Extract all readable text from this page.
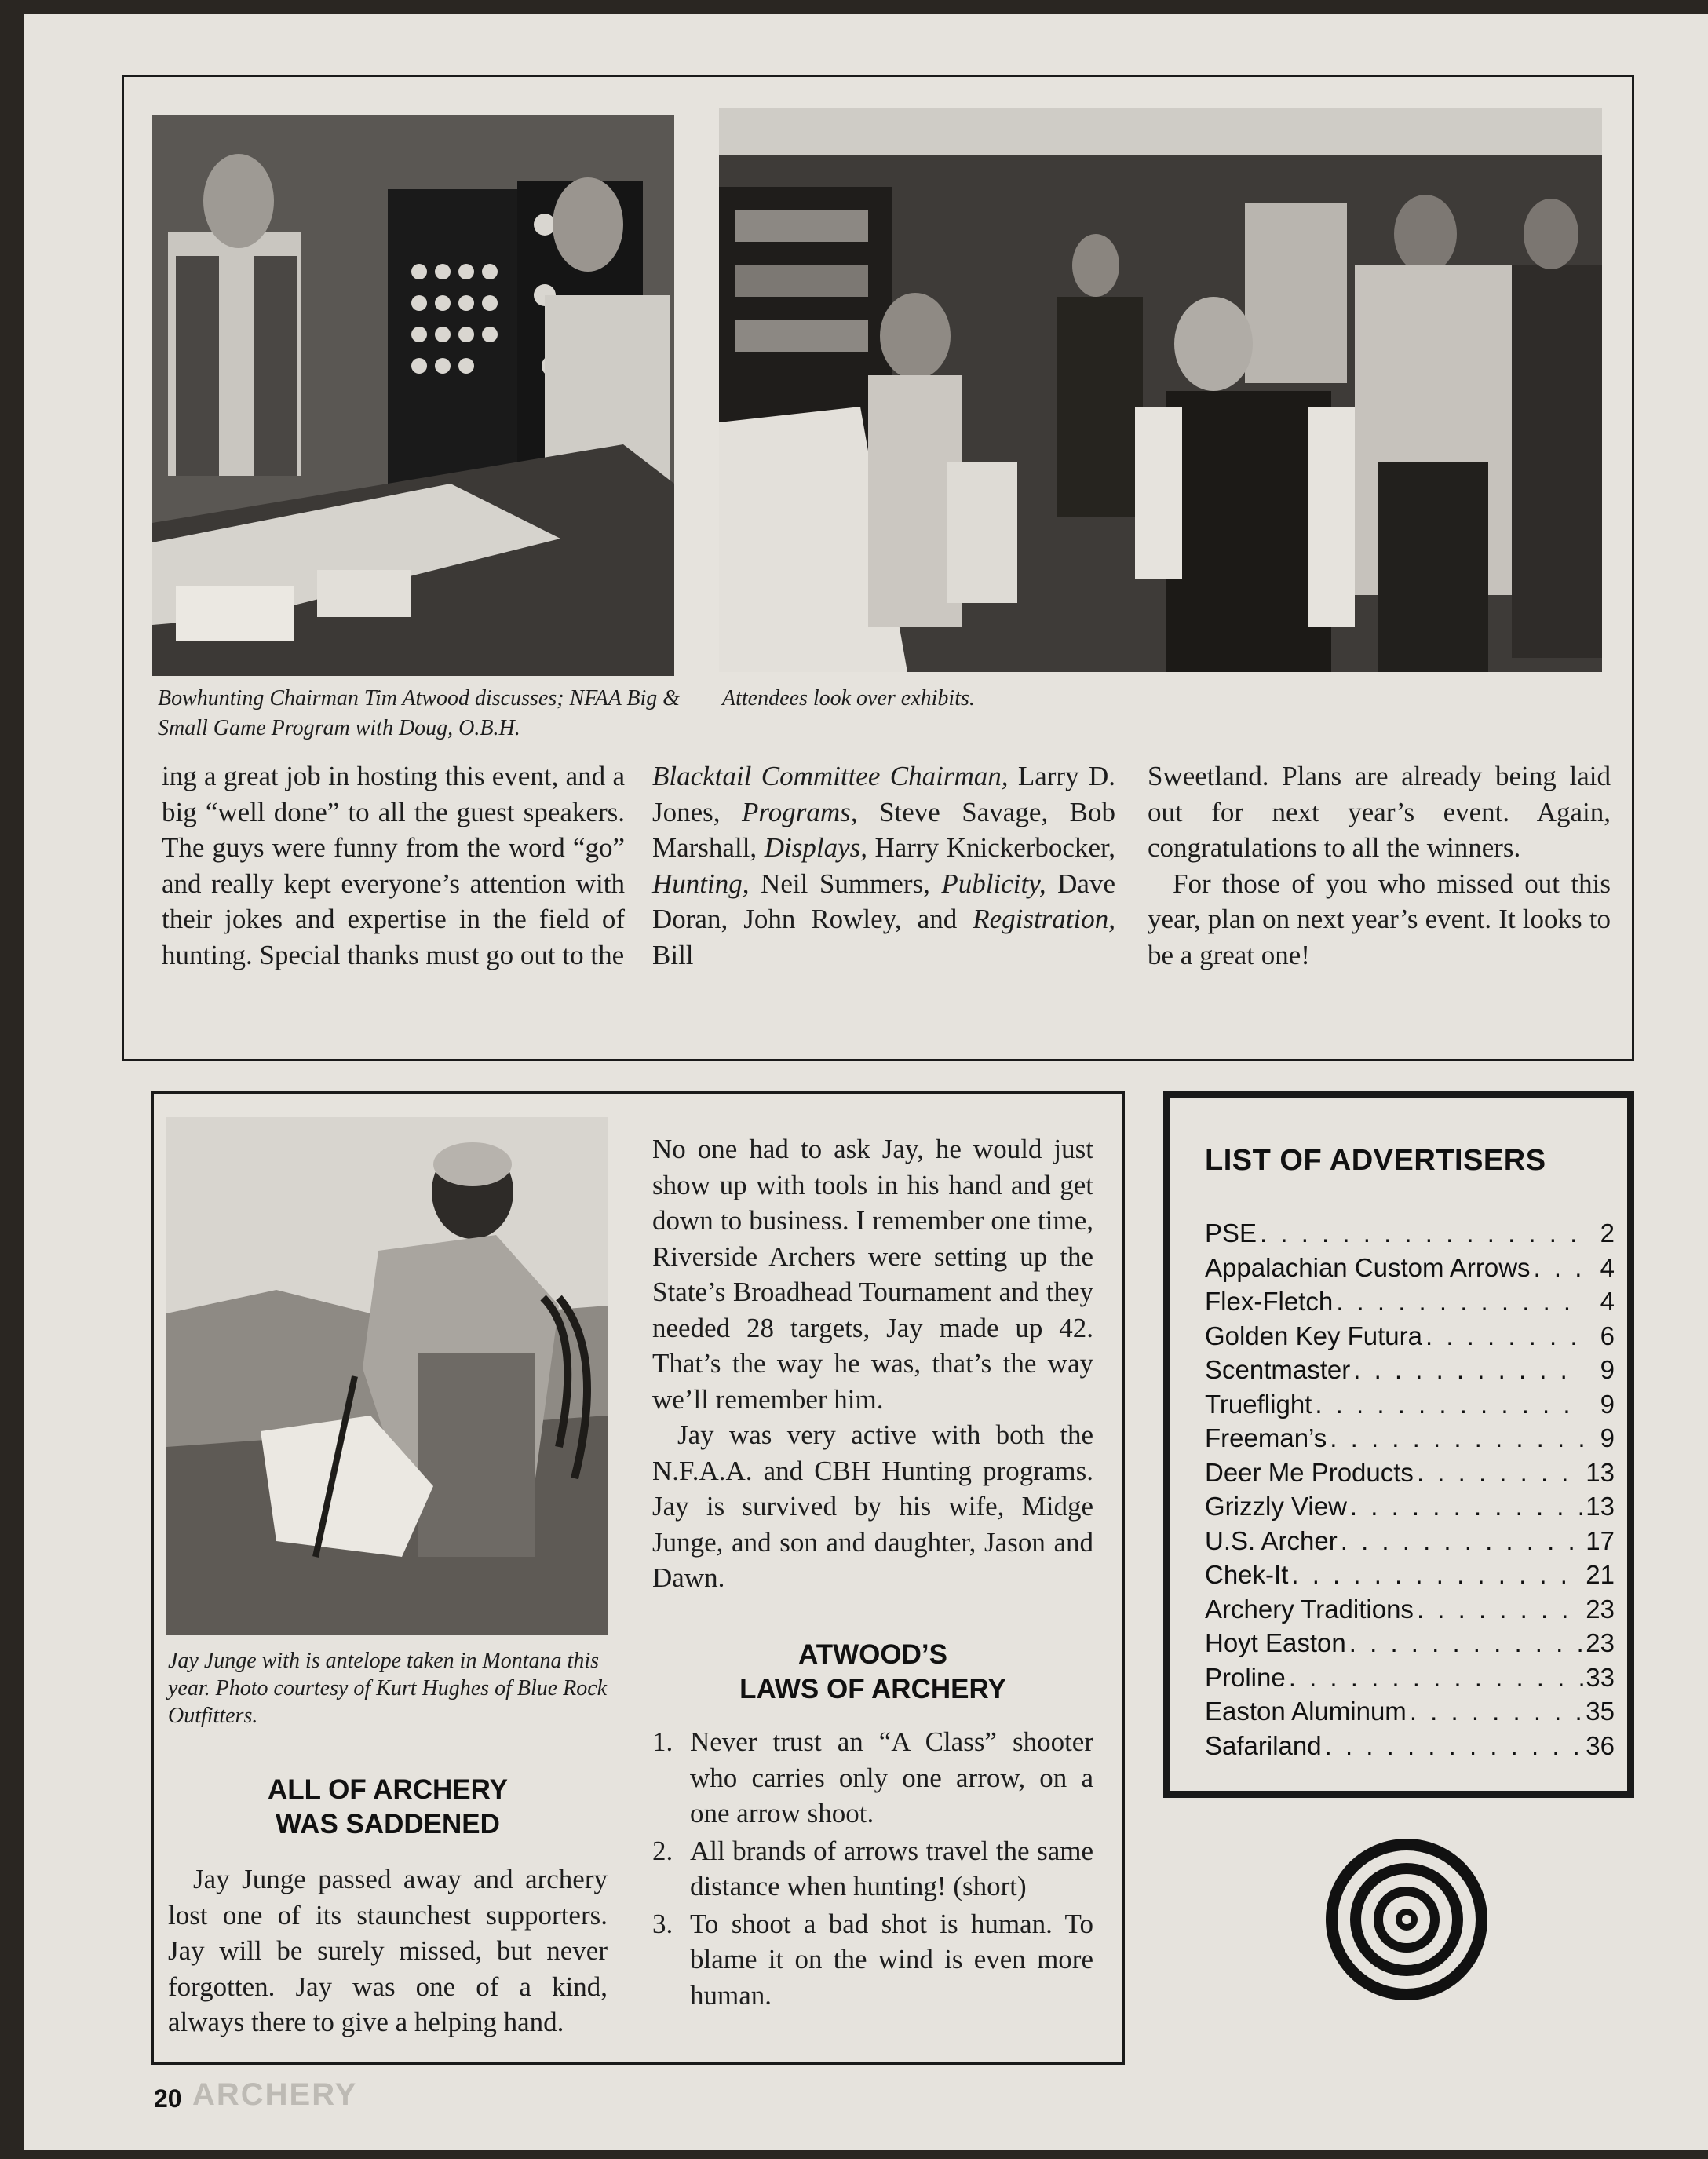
Bowhunting Chairman Tim Atwood discusses; NFAA Big & Small Game Program with Doug, O.B.H.
Attendees look over exhibits.

ing a great job in hosting this event, and a big “well done” to all the guest speakers. The guys were funny from the word “go” and really kept everyone’s attention with their jokes and expertise in the field of hunting. Special thanks must go out to the

Blacktail Committee Chairman, Larry D. Jones, Programs, Steve Savage, Bob Marshall, Displays, Harry Knickerbocker, Hunting, Neil Summers, Publicity, Dave Doran, John Rowley, and Registration, Bill

Sweetland. Plans are already being laid out for next year’s event. Again, congratulations to all the winners.

For those of you who missed out this year, plan on next year’s event. It looks to be a great one!

Jay Junge with is antelope taken in Montana this year. Photo courtesy of Kurt Hughes of Blue Rock Outfitters.
ALL OF ARCHERY
WAS SADDENED

Jay Junge passed away and archery lost one of its staunchest supporters. Jay will be surely missed, but never forgotten. Jay was one of a kind, always there to give a helping hand.

No one had to ask Jay, he would just show up with tools in his hand and get down to business. I remember one time, Riverside Archers were setting up the State’s Broadhead Tournament and they needed 28 targets, Jay made up 42. That’s the way he was, that’s the way we’ll remember him.

Jay was very active with both the N.F.A.A. and CBH Hunting programs. Jay is survived by his wife, Midge Junge, and son and daughter, Jason and Dawn.

ATWOOD’S
LAWS OF ARCHERY
1. Never trust an “A Class” shooter who carries only one arrow, on a one arrow shoot.
2. All brands of arrows travel the same distance when hunting! (short)
3. To shoot a bad shot is human. To blame it on the wind is even more human.
LIST OF ADVERTISERS
PSE . . .	2
Appalachian Custom Arrows . . .	4
Flex-Fletch . . .	4
Golden Key Futura . . .	6
Scentmaster . . .	9
Trueflight . . .	9
Freeman’s . . .	9
Deer Me Products . . .	13
Grizzly View . . .	13
U.S. Archer . . .	17
Chek-It . . .	21
Archery Traditions . . .	23
Hoyt Easton . . .	23
Proline . . .	33
Easton Aluminum . . .	35
Safariland . . .	36
20 ARCHERY
